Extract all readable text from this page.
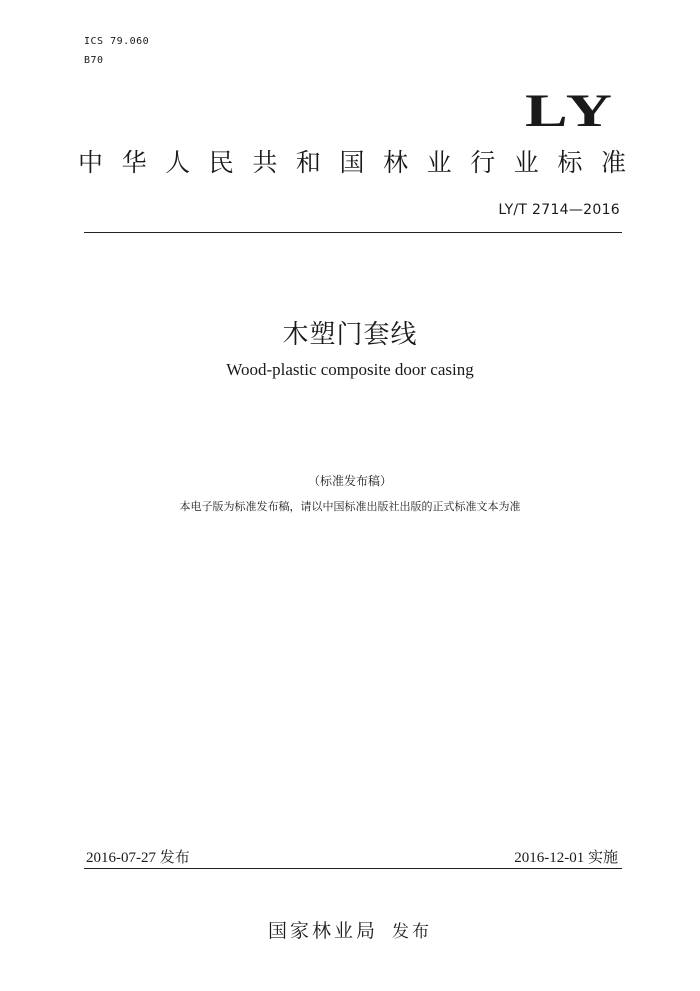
ICS 79.060
B70
LY
中 华 人 民 共 和 国 林 业 行 业 标 准
LY/T 2714—2016
木塑门套线
Wood-plastic composite door casing
（标准发布稿）
本电子版为标准发布稿，请以中国标准出版社出版的正式标准文本为准
2016-07-27 发布	2016-12-01 实施
国家林业局 发布
